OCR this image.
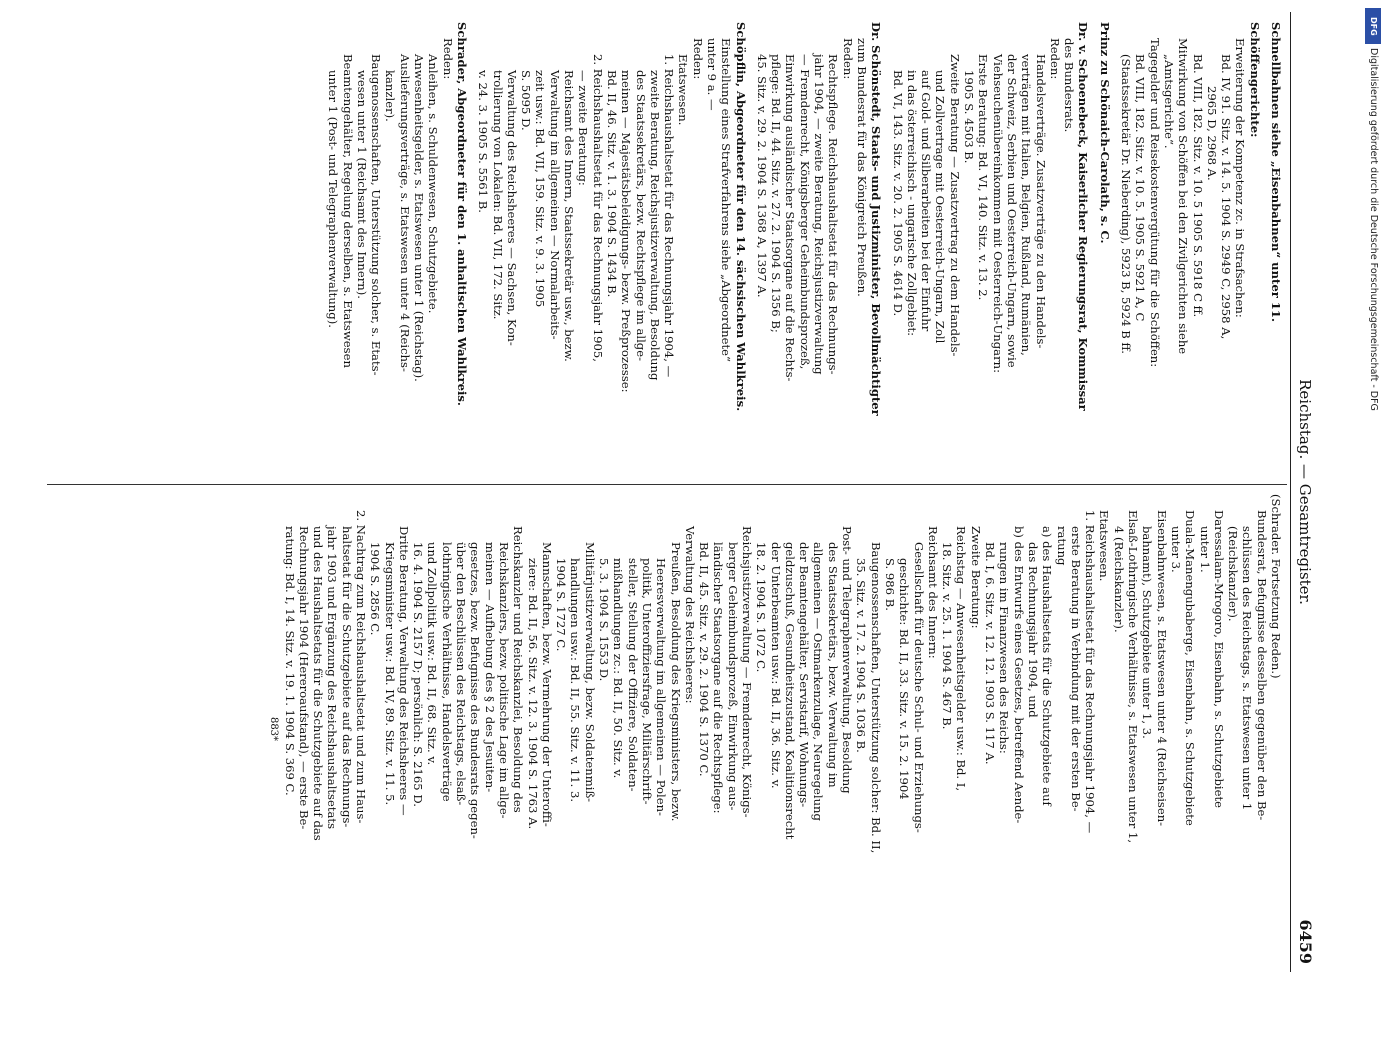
Reichstag. — Gesamtregister.
6459
Schnellbahnen siehe „Eisenbahnen“ unter 11.
Schöffengerichte:
Erweiterung der Kompetenz zc. in Strafsachen:
Bd. IV, 91. Sitz. v. 14. 5. 1904 S. 2949 C, 2958 A,
2965 D, 2968 A.
Bd. VIII, 182. Sitz. v. 10. 5 1905 S. 5918 C ff.
Mitwirkung von Schöffen bei den Zivilgerichten siehe
„Amtsgerichte“.
Tagegelder und Reisekostenvergütung für die Schöffen:
Bd. VIII, 182. Sitz. v. 10. 5. 1905 S. 5921 A, C
(Staatssekretär Dr. Nieberding), 5923 B, 5924 B ff.
Prinz zu Schönaich-Carolath, s. C.
Dr. v. Schoenebeck, Kaiserlicher Regierungsrat, Kommissar
des Bundesrats.
Reden:
Handelsverträge. Zusatzverträge zu den Handels-
verträgen mit Italien, Belgien, Rußland, Rumänien,
der Schweiz, Serbien und Oesterreich-Ungarn, sowie
Viehseuchenübereinkommen mit Oesterreich-Ungarn:
Erste Beratung: Bd. VI, 140. Sitz. v. 13. 2.
1905 S. 4503 B.
Zweite Beratung — Zusatzvertrag zu dem Handels-
und Zollvertrage mit Oesterreich-Ungarn, Zoll
auf Gold- und Silberarbeiten bei der Einfuhr
in das österreichisch - ungarische Zollgebiet:
Bd. VI, 143. Sitz. v. 20. 2. 1905 S. 4614 D.
Dr. Schönstedt, Staats- und Justizminister, Bevollmächtigter
zum Bundesrat für das Königreich Preußen.
Reden:
Rechtspflege. Reichshaushaltsetat für das Rechnungs-
jahr 1904, — zweite Beratung, Reichsjustizverwaltung
— Fremdenrecht, Königsberger Geheimbundsprozeß,
Einwirkung ausländischer Staatsorgane auf die Rechts-
pflege: Bd. II, 44. Sitz. v. 27. 2. 1904 S. 1356 B;
45. Sitz. v. 29. 2. 1904 S. 1368 A, 1397 A.
Schöpflin, Abgeordneter für den 14. sächsischen Wahlkreis.
Einstellung eines Strafverfahrens siehe „Abgeordnete“
unter 9 a. —
Reden:
Etatswesen.
1. Reichshaushaltsetat für das Rechnungsjahr 1904, —
zweite Beratung, Reichsjustizverwaltung, Besoldung
des Staatssekretärs, bezw. Rechtspflege im allge-
meinen — Majestätsbeleidigungs- bezw. Preßprozesse:
Bd. II, 46. Sitz. v. 1. 3. 1904 S. 1434 B.
2. Reichshaushaltsetat für das Rechnungsjahr 1905,
— zweite Beratung:
Reichsamt des Innern, Staatssekretär usw., bezw.
Verwaltung im allgemeinen — Normalarbeits-
zeit usw.: Bd. VII, 159. Sitz. v. 9. 3. 1905
S. 5095 D.
Verwaltung des Reichsheeres — Sachsen, Kon-
trollierung von Lokalen: Bd. VII, 172. Sitz.
v. 24. 3. 1905 S. 5561 B.
Schrader, Abgeordneter für den 1. anhaltischen Wahlkreis.
Reden:
Anleihen, s. Schuldenwesen, Schutzgebiete.
Anwesenheitsgelder, s. Etatswesen unter 1 (Reichstag).
Auslieferungsverträge, s. Etatswesen unter 4 (Reichs-
kanzler).
Baugenossenschaften, Unterstützung solcher, s. Etats-
wesen unter 1 (Reichsamt des Innern).
Beamtengehälter, Regelung derselben, s. Etatswesen
unter 1 (Post- und Telegraphenverwaltung).
(Schrader. Fortsetzung Reden.)
Bundesrat, Befugnisse desselben gegenüber den Be-
schlüssen des Reichstags, s. Etatswesen unter 1
(Reichskanzler).
Daressalam-Mrogoro, Eisenbahn, s. Schutzgebiete
unter 1.
Duala-Manengubaberge, Eisenbahn, s. Schutzgebiete
unter 3.
Eisenbahnwesen, s. Etatswesen unter 4 (Reichseisen-
bahnamt), Schutzgebiete unter 1, 3.
Elsaß-Lothringische Verhältnisse, s. Etatswesen unter 1,
4 (Reichskanzler).
Etatswesen.
1. Reichshaushaltsetat für das Rechnungsjahr 1904, —
erste Beratung in Verbindung mit der ersten Be-
ratung
a) des Haushaltsetats für die Schutzgebiete auf
das Rechnungsjahr 1904, und
b) des Entwurfs eines Gesetzes, betreffend Aende-
rungen im Finanzwesen des Reichs:
Bd. I, 6. Sitz. v. 12. 12. 1903 S. 117 A.
Zweite Beratung:
Reichstag — Anwesenheitsgelder usw.: Bd. I,
18. Sitz. v. 25. 1. 1904 S. 467 B.
Reichsamt des Innern:
Gesellschaft für deutsche Schul- und Erziehungs-
geschichte: Bd. II, 33. Sitz. v. 15. 2. 1904
S. 986 B.
Baugenossenschaften, Unterstützung solcher: Bd. II,
35. Sitz. v. 17. 2. 1904 S. 1036 B.
Post- und Telegraphenverwaltung, Besoldung
des Staatssekretärs, bezw. Verwaltung im
allgemeinen — Ostmarkenzulage, Neuregelung
der Beamtengehälter, Servistarif, Wohnungs-
geldzuschuß, Gesundheitszustand, Koalitionsrecht
der Unterbeamten usw.: Bd. II, 36. Sitz. v.
18. 2. 1904 S. 1072 C.
Reichsjustizverwaltung — Fremdenrecht, Königs-
berger Geheimbundsprozeß, Einwirkung aus-
ländischer Staatsorgane auf die Rechtspflege:
Bd. II, 45. Sitz. v. 29. 2. 1904 S. 1370 C.
Verwaltung des Reichsheeres:
Preußen, Besoldung des Kriegsministers, bezw.
Heeresverwaltung im allgemeinen — Polen-
politik, Unteroffiziersfrage, Militärschrift-
steller, Stellung der Offiziere, Soldaten-
mißhandlungen zc.: Bd. II, 50. Sitz. v.
5. 3. 1904 S. 1553 D.
Militärjustizverwaltung, bezw. Soldatenmiß-
handlungen usw.: Bd. II, 55. Sitz. v. 11. 3.
1904 S. 1727 C.
Mannschaften, bezw. Vermehrung der Unteroffi-
ziere: Bd. II, 56. Sitz. v. 12. 3. 1904 S. 1763 A.
Reichskanzler und Reichskanzlei, Besoldung des
Reichskanzlers, bezw. politische Lage im allge-
meinen — Aufhebung des § 2 des Jesuiten-
gesetzes, bezw. Befugnisse des Bundesrats gegen-
über den Beschlüssen des Reichstags, elsaß-
lothringische Verhältnisse, Handelsverträge
und Zollpolitik usw.: Bd. II, 68. Sitz. v.
16. 4. 1904 S. 2157 D; persönlich: S. 2165 D.
Dritte Beratung, Verwaltung des Reichsheeres —
Kriegsminister usw.: Bd. IV, 89. Sitz. v. 11. 5.
1904 S. 2856 C.
2. Nachtrag zum Reichshaushaltsetat und zum Haus-
haltsetat für die Schutzgebiete auf das Rechnungs-
jahr 1903 und Ergänzung des Reichshaushaltsetats
und des Haushaltsetats für die Schutzgebiete auf das
Rechnungsjahr 1904 (Hereroaufstand), — erste Be-
ratung: Bd. I, 14. Sitz. v. 19. 1. 1904 S. 369 C.
883*
DFG
Digitalisierung gefördert durch die Deutsche Forschungsgemeinschaft - DFG
